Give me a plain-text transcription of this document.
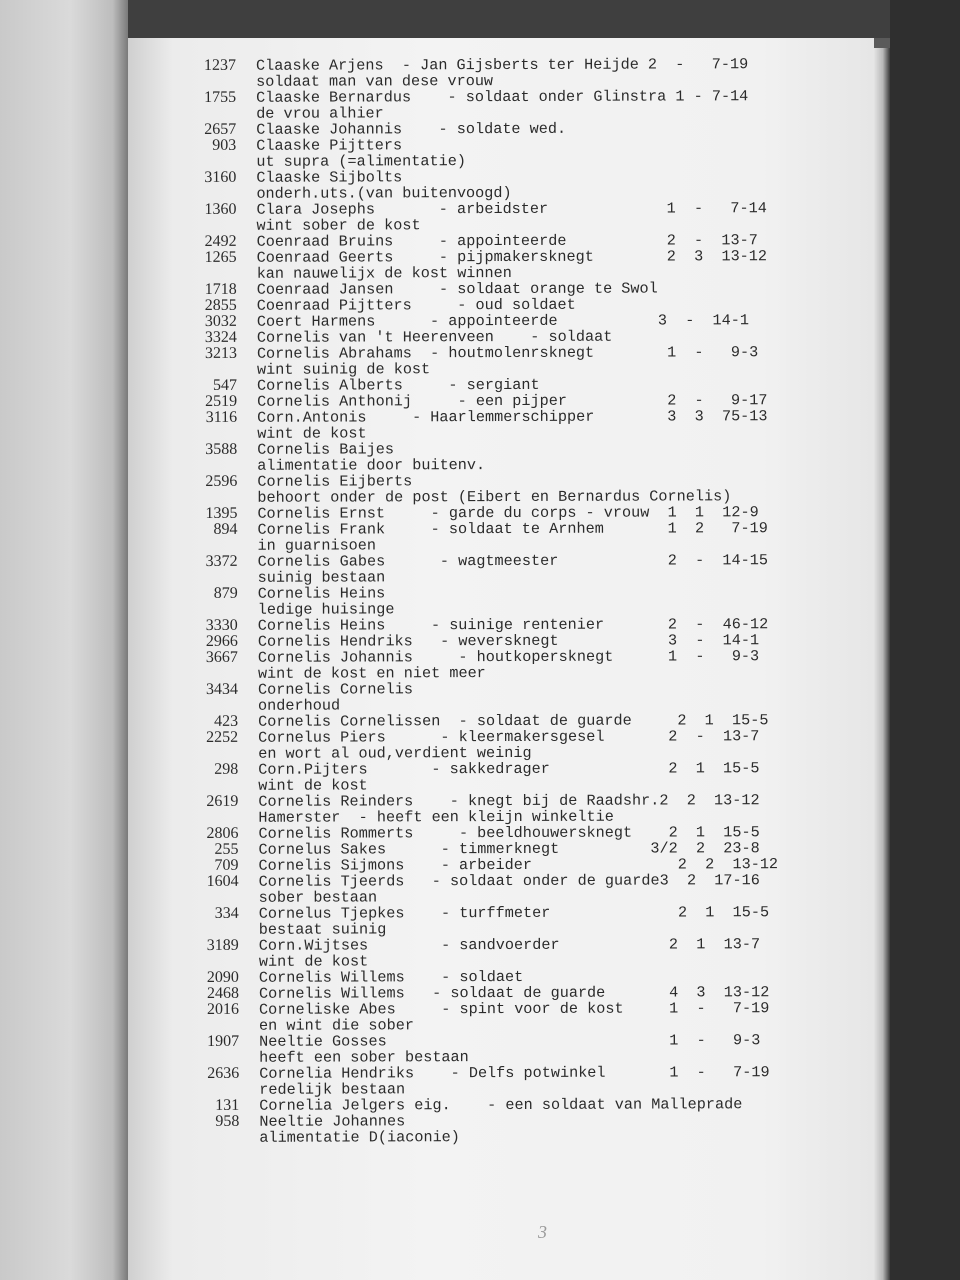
1237 Claaske Arjens  - Jan Gijsberts ter Heijde 2  -   7-19
soldaat man van dese vrouw
1755 Claaske Bernardus    - soldaat onder Glinstra 1 - 7-14
de vrou alhier
2657 Claaske Johannis    - soldate wed.
903 Claaske Pijtters
ut supra (=alimentatie)
3160 Claaske Sijbolts
onderh.uts.(van buitenvoogd)
1360 Clara Josephs       - arbeidster             1  -   7-14
wint sober de kost
2492 Coenraad Bruins     - appointeerde           2  -  13-7
1265 Coenraad Geerts     - pijpmakersknegt        2  3  13-12
kan nauwelijx de kost winnen
1718 Coenraad Jansen     - soldaat orange te Swol
2855 Coenraad Pijtters     - oud soldaet
3032 Coert Harmens      - appointeerde           3  -  14-1
3324 Cornelis van 't Heerenveen    - soldaat
3213 Cornelis Abrahams  - houtmolenrsknegt        1  -   9-3
wint suinig de kost
547 Cornelis Alberts     - sergiant
2519 Cornelis Anthonij     - een pijper           2  -   9-17
3116 Corn.Antonis     - Haarlemmerschipper        3  3  75-13
wint de kost
3588 Cornelis Baijes
alimentatie door buitenv.
2596 Cornelis Eijberts
behoort onder de post (Eibert en Bernardus Cornelis)
1395 Cornelis Ernst     - garde du corps - vrouw  1  1  12-9
894 Cornelis Frank     - soldaat te Arnhem       1  2   7-19
in guarnisoen
3372 Cornelis Gabes      - wagtmeester            2  -  14-15
suinig bestaan
879 Cornelis Heins
ledige huisinge
3330 Cornelis Heins     - suinige rentenier       2  -  46-12
2966 Cornelis Hendriks   - weversknegt            3  -  14-1
3667 Cornelis Johannis     - houtkopersknegt      1  -   9-3
wint de kost en niet meer
3434 Cornelis Cornelis
onderhoud
423 Cornelis Cornelissen  - soldaat de guarde     2  1  15-5
2252 Cornelus Piers      - kleermakersgesel       2  -  13-7
en wort al oud,verdient weinig
298 Corn.Pijters       - sakkedrager             2  1  15-5
wint de kost
2619 Cornelis Reinders    - knegt bij de Raadshr.2  2  13-12
Hamerster  - heeft een kleijn winkeltie
2806 Cornelis Rommerts     - beeldhouwersknegt    2  1  15-5
255 Cornelus Sakes      - timmerknegt          3/2  2  23-8
709 Cornelis Sijmons    - arbeider                2  2  13-12
1604 Cornelis Tjeerds   - soldaat onder de guarde3  2  17-16
sober bestaan
334 Cornelus Tjepkes    - turffmeter              2  1  15-5
bestaat suinig
3189 Corn.Wijtses        - sandvoerder            2  1  13-7
wint de kost
2090 Cornelis Willems    - soldaet
2468 Cornelis Willems   - soldaat de guarde       4  3  13-12
2016 Corneliske Abes     - spint voor de kost     1  -   7-19
en wint die sober
1907 Neeltie Gosses                               1  -   9-3
heeft een sober bestaan
2636 Cornelia Hendriks    - Delfs potwinkel       1  -   7-19
redelijk bestaan
131 Cornelia Jelgers eig.    - een soldaat van Malleprade
958 Neeltie Johannes
alimentatie D(iaconie)
3
